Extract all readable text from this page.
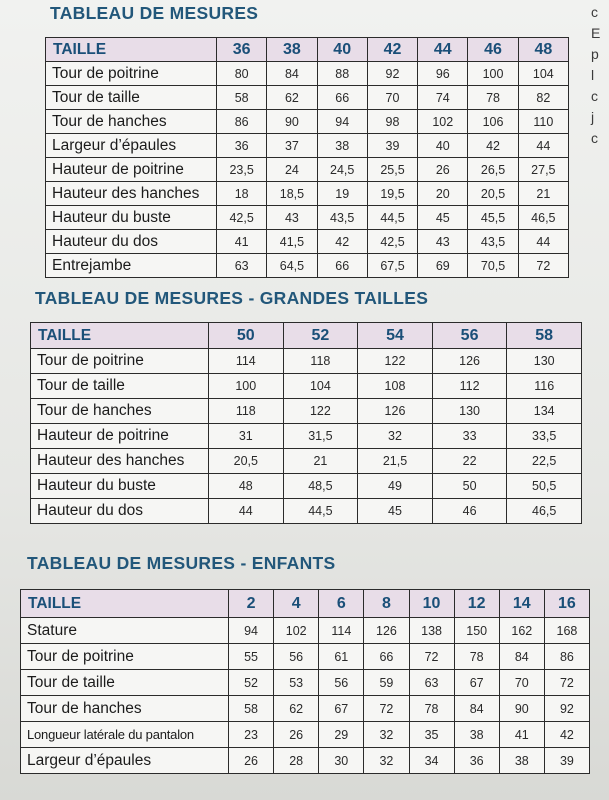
c
E
p
l
c
j
c
TABLEAU DE MESURES
TAILLE	36	38	40	42	44	46	48
Tour de poitrine	80	84	88	92	96	100	104
Tour de taille	58	62	66	70	74	78	82
Tour de hanches	86	90	94	98	102	106	110
Largeur d’épaules	36	37	38	39	40	42	44
Hauteur de poitrine	23,5	24	24,5	25,5	26	26,5	27,5
Hauteur des hanches	18	18,5	19	19,5	20	20,5	21
Hauteur du buste	42,5	43	43,5	44,5	45	45,5	46,5
Hauteur du dos	41	41,5	42	42,5	43	43,5	44
Entrejambe	63	64,5	66	67,5	69	70,5	72
TABLEAU DE MESURES - GRANDES TAILLES
TAILLE	50	52	54	56	58
Tour de poitrine	114	118	122	126	130
Tour de taille	100	104	108	112	116
Tour de hanches	118	122	126	130	134
Hauteur de poitrine	31	31,5	32	33	33,5
Hauteur des hanches	20,5	21	21,5	22	22,5
Hauteur du buste	48	48,5	49	50	50,5
Hauteur du dos	44	44,5	45	46	46,5
TABLEAU DE MESURES - ENFANTS
TAILLE	2	4	6	8	10	12	14	16
Stature	94	102	114	126	138	150	162	168
Tour de poitrine	55	56	61	66	72	78	84	86
Tour de taille	52	53	56	59	63	67	70	72
Tour de hanches	58	62	67	72	78	84	90	92
Longueur latérale du pantalon	23	26	29	32	35	38	41	42
Largeur d’épaules	26	28	30	32	34	36	38	39
